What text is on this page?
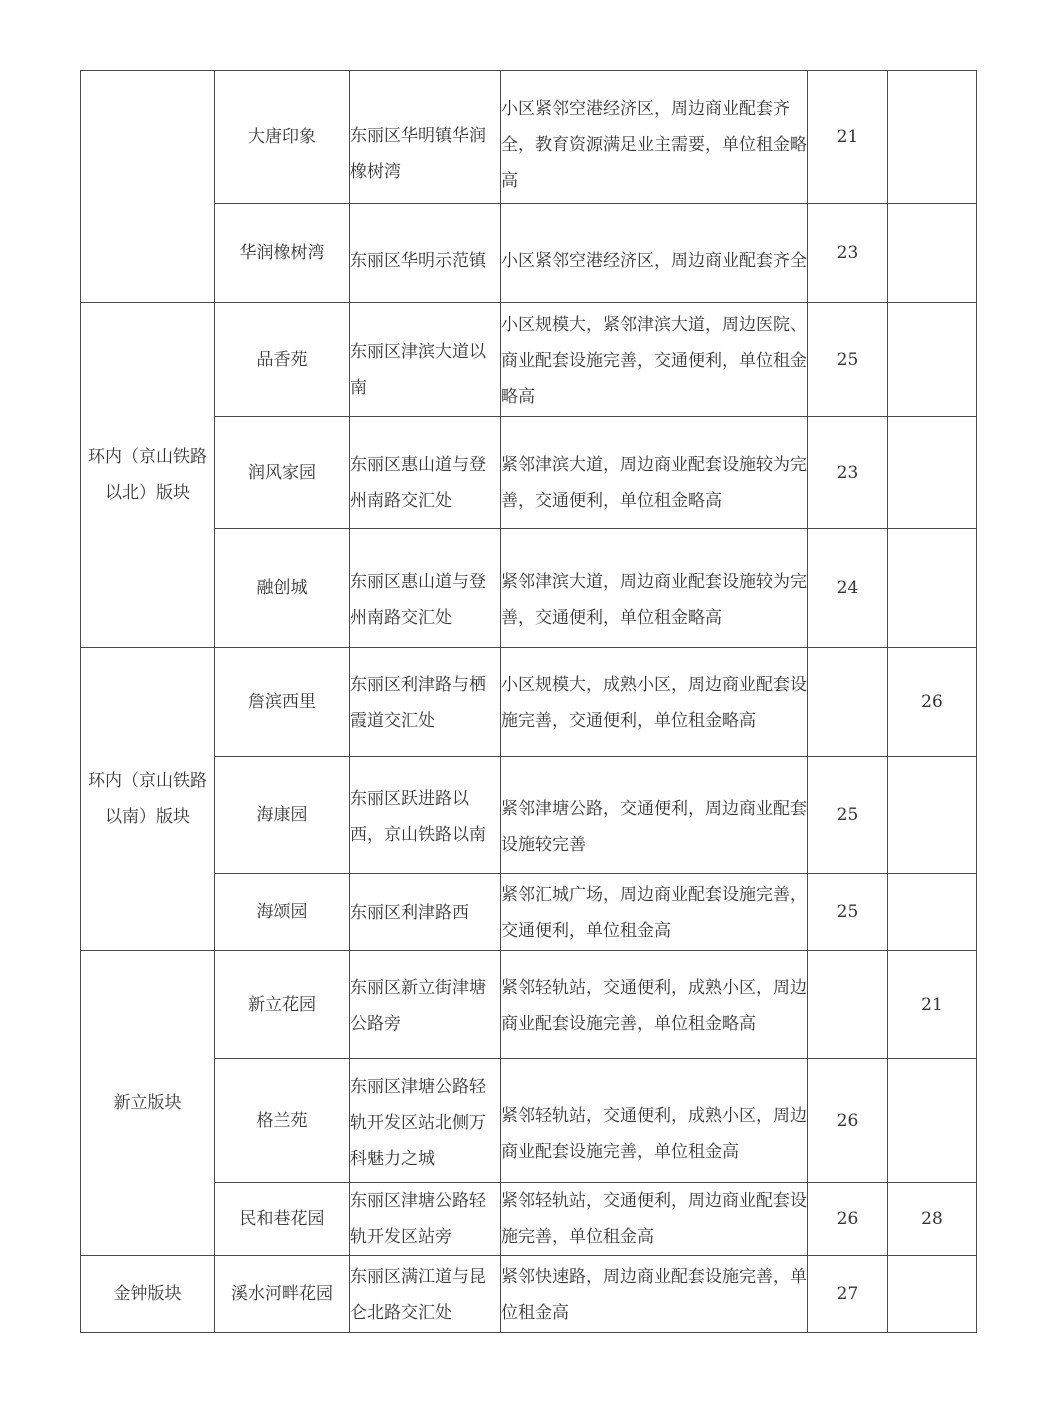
	大唐印象	东丽区华明镇华润橡树湾	小区紧邻空港经济区，周边商业配套齐全，教育资源满足业主需要，单位租金略高	21	
	华润橡树湾	东丽区华明示范镇	小区紧邻空港经济区，周边商业配套齐全	23	
环内（京山铁路以北）版块	品香苑	东丽区津滨大道以南	小区规模大，紧邻津滨大道，周边医院、商业配套设施完善，交通便利，单位租金略高	25	
	润风家园	东丽区惠山道与登州南路交汇处	紧邻津滨大道，周边商业配套设施较为完善，交通便利，单位租金略高	23	
	融创城	东丽区惠山道与登州南路交汇处	紧邻津滨大道，周边商业配套设施较为完善，交通便利，单位租金略高	24	
环内（京山铁路以南）版块	詹滨西里	东丽区利津路与栖霞道交汇处	小区规模大，成熟小区，周边商业配套设施完善，交通便利，单位租金略高		26
	海康园	东丽区跃进路以西，京山铁路以南	紧邻津塘公路，交通便利，周边商业配套设施较完善	25	
	海颂园	东丽区利津路西	紧邻汇城广场，周边商业配套设施完善，交通便利，单位租金高	25	
新立版块	新立花园	东丽区新立街津塘公路旁	紧邻轻轨站，交通便利，成熟小区，周边商业配套设施完善，单位租金略高		21
	格兰苑	东丽区津塘公路轻轨开发区站北侧万科魅力之城	紧邻轻轨站，交通便利，成熟小区，周边商业配套设施完善，单位租金高	26	
	民和巷花园	东丽区津塘公路轻轨开发区站旁	紧邻轻轨站，交通便利，周边商业配套设施完善，单位租金高	26	28
金钟版块	溪水河畔花园	东丽区满江道与昆仑北路交汇处	紧邻快速路，周边商业配套设施完善，单位租金高	27	
